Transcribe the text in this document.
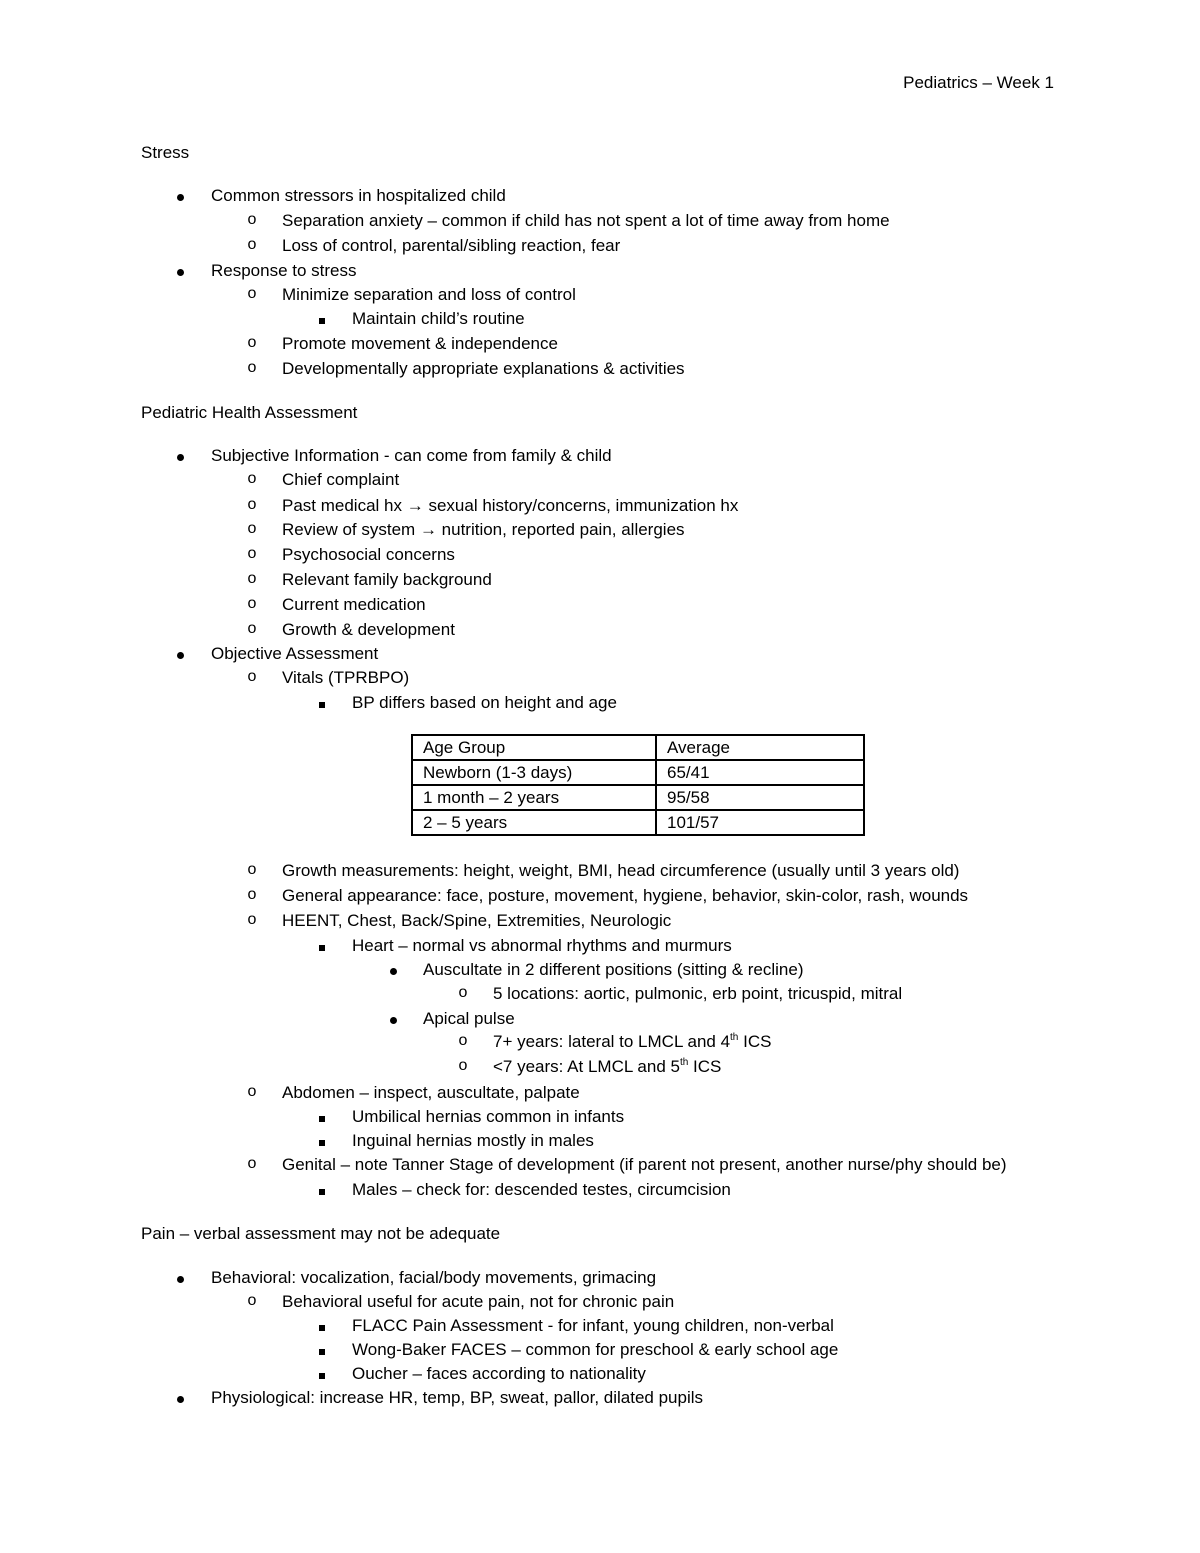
Pediatrics – Week 1
Stress
Common stressors in hospitalized child
o	Separation anxiety – common if child has not spent a lot of time away from home
o	Loss of control, parental/sibling reaction, fear
Response to stress
o	Minimize separation and loss of control
Maintain child’s routine
o	Promote movement & independence
o	Developmentally appropriate explanations & activities
Pediatric Health Assessment
Subjective Information - can come from family & child
o	Chief complaint
o	Past medical hx → sexual history/concerns, immunization hx
o	Review of system → nutrition, reported pain, allergies
o	Psychosocial concerns
o	Relevant family background
o	Current medication
o	Growth & development
Objective Assessment
o	Vitals (TPRBPO)
BP differs based on height and age
Age Group	Average
Newborn (1-3 days)	65/41
1 month – 2 years	95/58
2 – 5 years	101/57
o	Growth measurements: height, weight, BMI, head circumference (usually until 3 years old)
o	General appearance: face, posture, movement, hygiene, behavior, skin-color, rash, wounds
o	HEENT, Chest, Back/Spine, Extremities, Neurologic
Heart – normal vs abnormal rhythms and murmurs
Auscultate in 2 different positions (sitting & recline)
o	5 locations: aortic, pulmonic, erb point, tricuspid, mitral
Apical pulse
o	7+ years: lateral to LMCL and 4th ICS
o	<7 years: At LMCL and 5th ICS
o	Abdomen – inspect, auscultate, palpate
Umbilical hernias common in infants
Inguinal hernias mostly in males
o	Genital – note Tanner Stage of development (if parent not present, another nurse/phy should be)
Males – check for: descended testes, circumcision
Pain – verbal assessment may not be adequate
Behavioral: vocalization, facial/body movements, grimacing
o	Behavioral useful for acute pain, not for chronic pain
FLACC Pain Assessment - for infant, young children, non-verbal
Wong-Baker FACES – common for preschool & early school age
Oucher – faces according to nationality
Physiological: increase HR, temp, BP, sweat, pallor, dilated pupils
